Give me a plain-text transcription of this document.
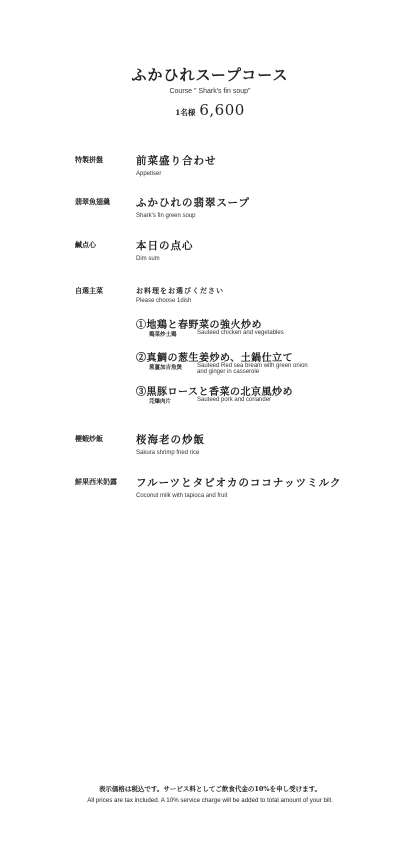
ふかひれスープコース
Course " Shark's fin soup"
1名様 6,600
特製拼盤	前菜盛り合わせ
Appetiser
翡翠魚翅羹 ふかひれの翡翠スープ
Shark's fin green soup
鹹点心	本日の点心
Dim sum
自選主菜	お料理をお選びください
Please choose 1dish
①地鶏と春野菜の強火炒め
鶏菜炒土鶏	Sauteed chicken and vegetables
②真鯛の葱生姜炒め、土鍋仕立て
葱薑加吉魚煲 Sauteed Red sea bream with green onion
and ginger in casserole
③黒豚ロースと香菜の北京風炒め
芫爆肉片	Sauteed pork and coriander
櫻蝦炒飯	桜海老の炒飯
Sakura shrimp fried rice
鮮果西米奶露 フルーツとタピオカのココナッツミルク
Coconut milk with tapioca and fruit
表示価格は税込です。サービス料としてご飲食代金の10%を申し受けます。
All prices are tax included. A 10% service charge will be added to total amount of your bill.
